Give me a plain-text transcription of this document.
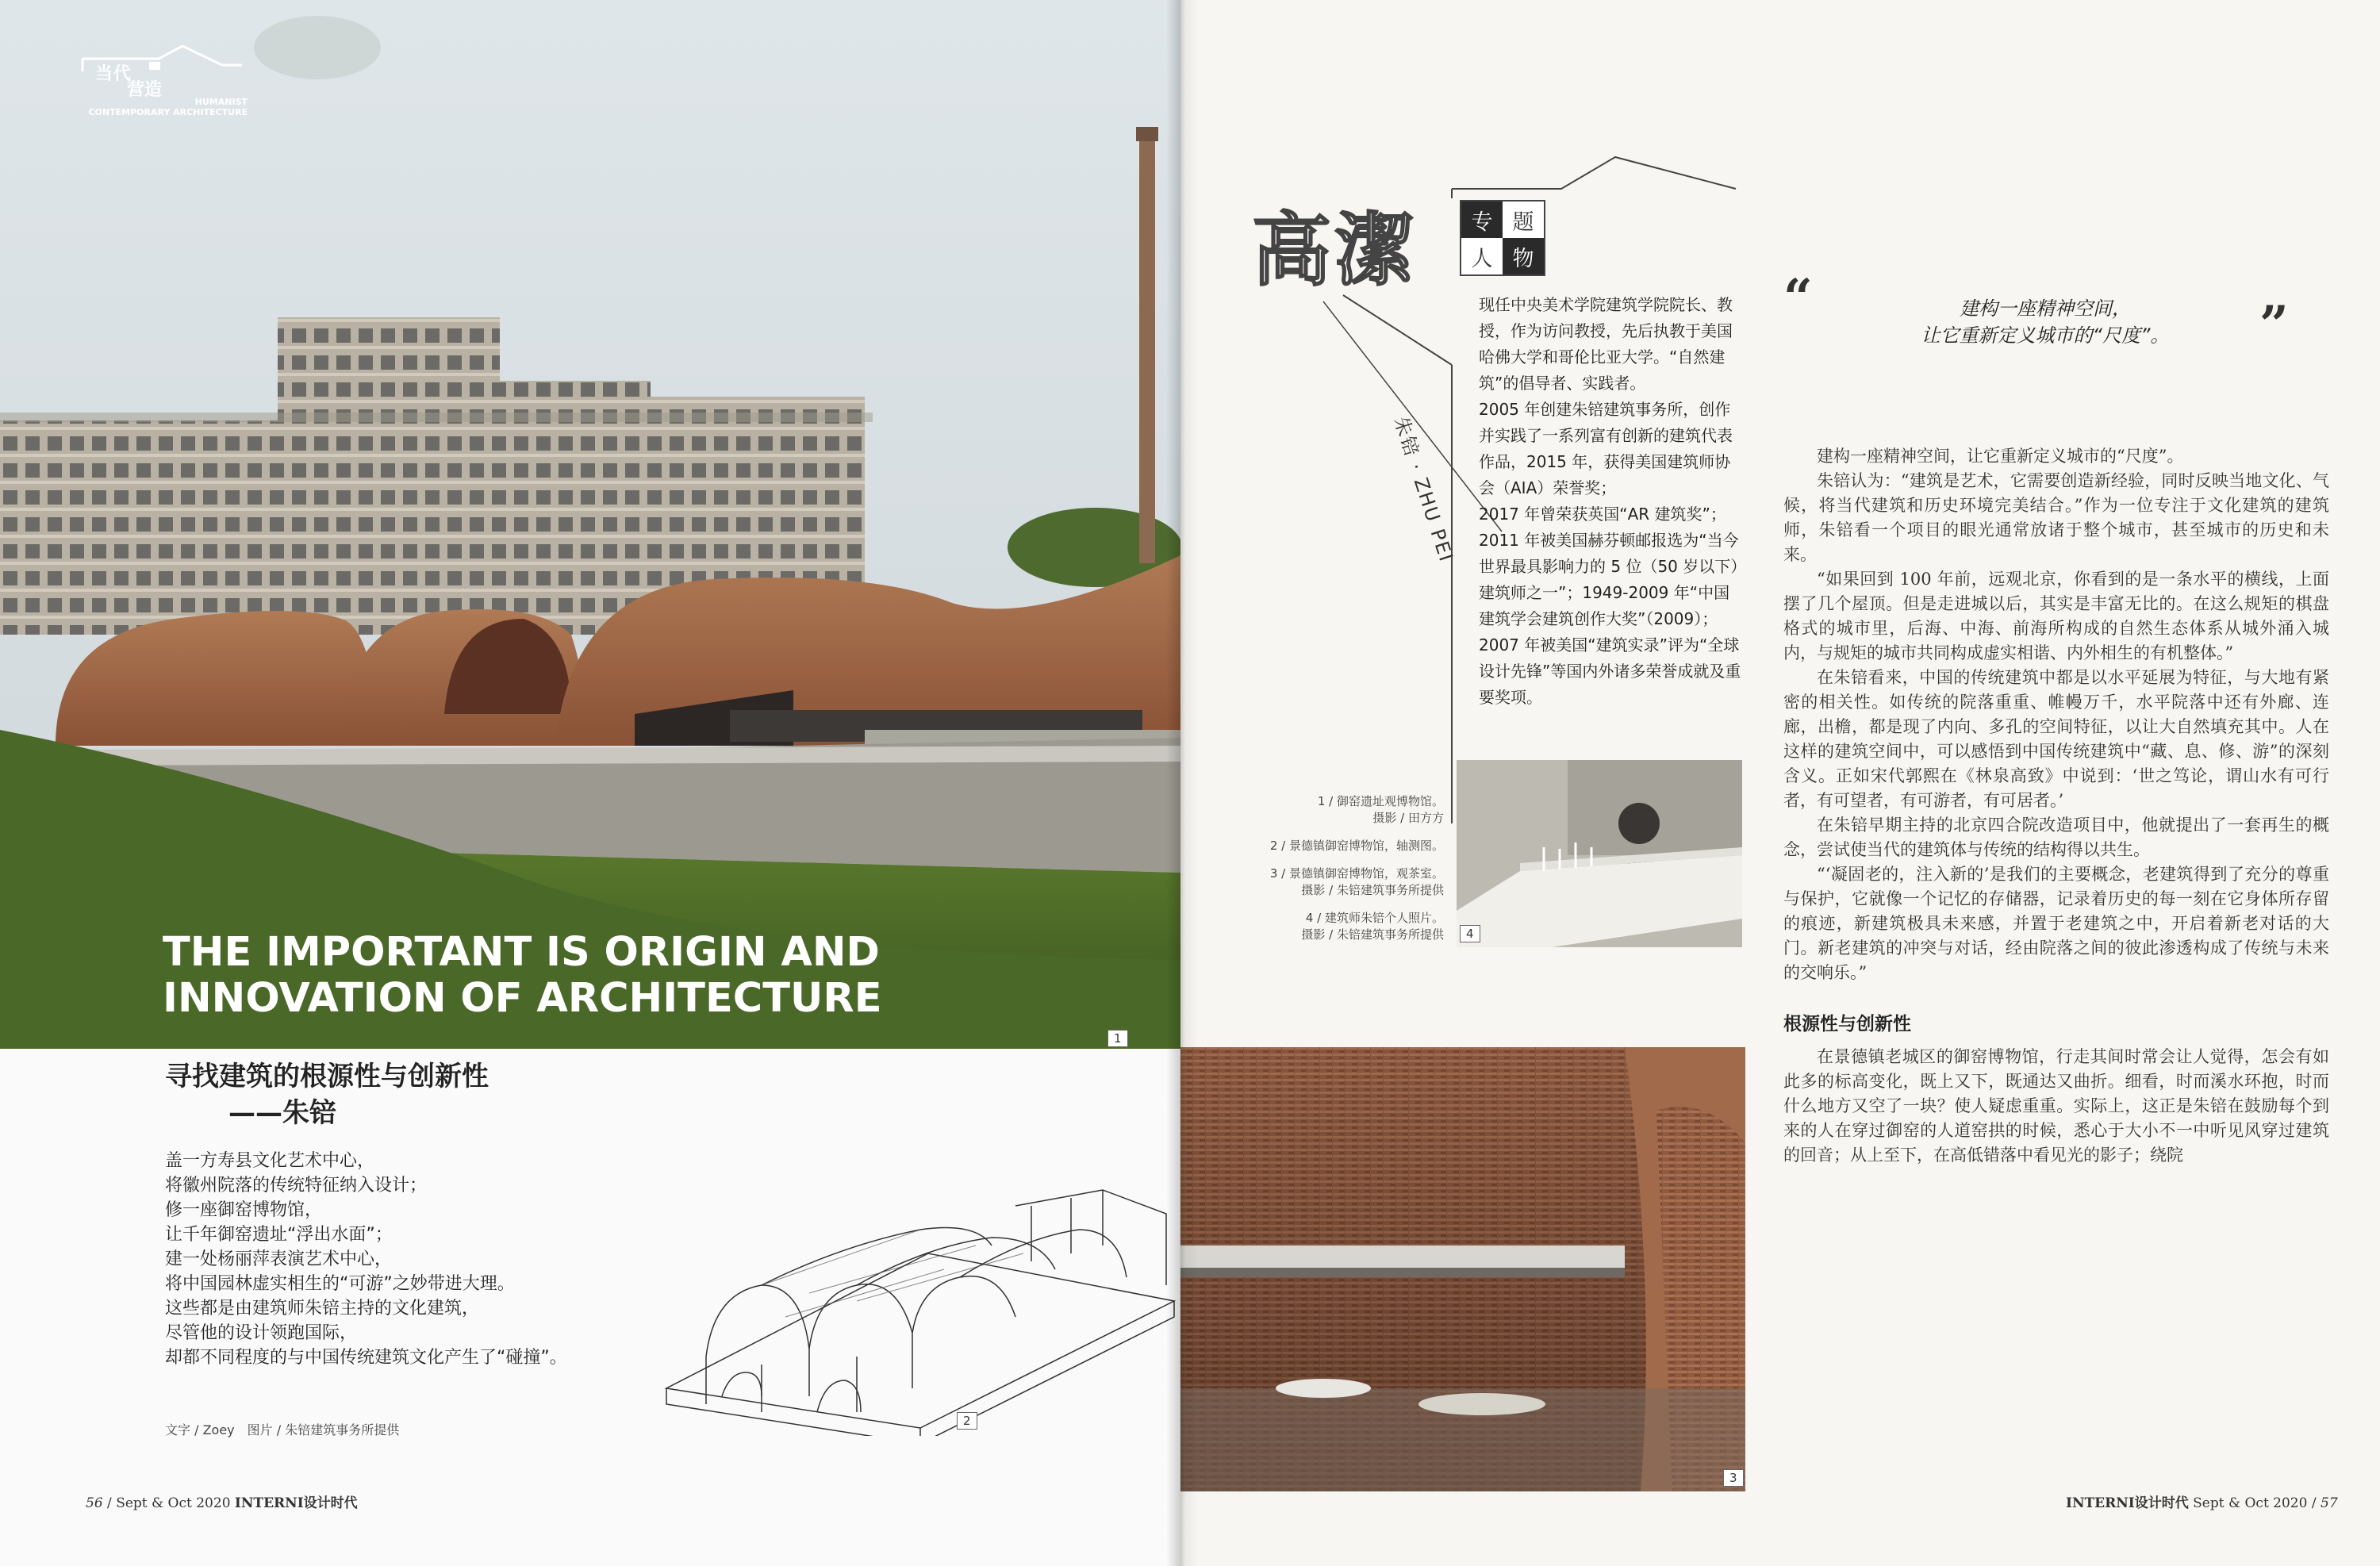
当代
营造
HUMANIST
CONTEMPORARY ARCHITECTURE
THE IMPORTANT IS ORIGIN AND
INNOVATION OF ARCHITECTURE
1
寻找建筑的根源性与创新性
——朱锫
盖一方寿县文化艺术中心，
将徽州院落的传统特征纳入设计；
修一座御窑博物馆，
让千年御窑遗址“浮出水面”；
建一处杨丽萍表演艺术中心，
将中国园林虚实相生的“可游”之妙带进大理。
这些都是由建筑师朱锫主持的文化建筑，
尽管他的设计领跑国际，
却都不同程度的与中国传统建筑文化产生了“碰撞”。
文字 / Zoey　图片 / 朱锫建筑事务所提供
2
56 / Sept & Oct 2020 INTERNI设计时代
高潔	专 题
人 物
朱锫 · ZHU PEI
现任中央美术学院建筑学院院长、教授，作为访问教授，先后执教于美国哈佛大学和哥伦比亚大学。“自然建筑”的倡导者、实践者。
2005 年创建朱锫建筑事务所，创作并实践了一系列富有创新的建筑代表作品，2015 年，获得美国建筑师协会（AIA）荣誉奖；
2017 年曾荣获英国“AR 建筑奖”；
2011 年被美国赫芬顿邮报选为“当今世界最具影响力的 5 位（50 岁以下）建筑师之一”；1949-2009 年“中国建筑学会建筑创作大奖”（2009）；2007 年被美国“建筑实录”评为“全球设计先锋”等国内外诸多荣誉成就及重要奖项。
4
1 / 御窑遗址观博物馆。
摄影 / 田方方
2 / 景德镇御窑博物馆，轴测图。
3 / 景德镇御窑博物馆，观茶室。
摄影 / 朱锫建筑事务所提供
4 / 建筑师朱锫个人照片。
摄影 / 朱锫建筑事务所提供
3
“	建构一座精神空间，
让它重新定义城市的“尺度”。	”
建构一座精神空间，让它重新定义城市的“尺度”。
朱锫认为：“建筑是艺术，它需要创造新经验，同时反映当地文化、气候，将当代建筑和历史环境完美结合。”作为一位专注于文化建筑的建筑师，朱锫看一个项目的眼光通常放诸于整个城市，甚至城市的历史和未来。
“如果回到 100 年前，远观北京，你看到的是一条水平的横线，上面摆了几个屋顶。但是走进城以后，其实是丰富无比的。在这么规矩的棋盘格式的城市里，后海、中海、前海所构成的自然生态体系从城外涌入城内，与规矩的城市共同构成虚实相谐、内外相生的有机整体。”
在朱锫看来，中国的传统建筑中都是以水平延展为特征，与大地有紧密的相关性。如传统的院落重重、帷幔万千，水平院落中还有外廊、连廊，出檐，都是现了内向、多孔的空间特征，以让大自然填充其中。人在这样的建筑空间中，可以感悟到中国传统建筑中“藏、息、修、游”的深刻含义。正如宋代郭熙在《林泉高致》中说到：‘世之笃论，谓山水有可行者，有可望者，有可游者，有可居者。’
在朱锫早期主持的北京四合院改造项目中，他就提出了一套再生的概念，尝试使当代的建筑体与传统的结构得以共生。
“‘凝固老的，注入新的’是我们的主要概念，老建筑得到了充分的尊重与保护，它就像一个记忆的存储器，记录着历史的每一刻在它身体所存留的痕迹，新建筑极具未来感，并置于老建筑之中，开启着新老对话的大门。新老建筑的冲突与对话，经由院落之间的彼此渗透构成了传统与未来的交响乐。”
根源性与创新性
在景德镇老城区的御窑博物馆，行走其间时常会让人觉得，怎会有如此多的标高变化，既上又下，既通达又曲折。细看，时而溪水环抱，时而什么地方又空了一块？使人疑虑重重。实际上，这正是朱锫在鼓励每个到来的人在穿过御窑的人道窑拱的时候，悉心于大小不一中听见风穿过建筑的回音；从上至下，在高低错落中看见光的影子；绕院
INTERNI设计时代 Sept & Oct 2020 / 57
